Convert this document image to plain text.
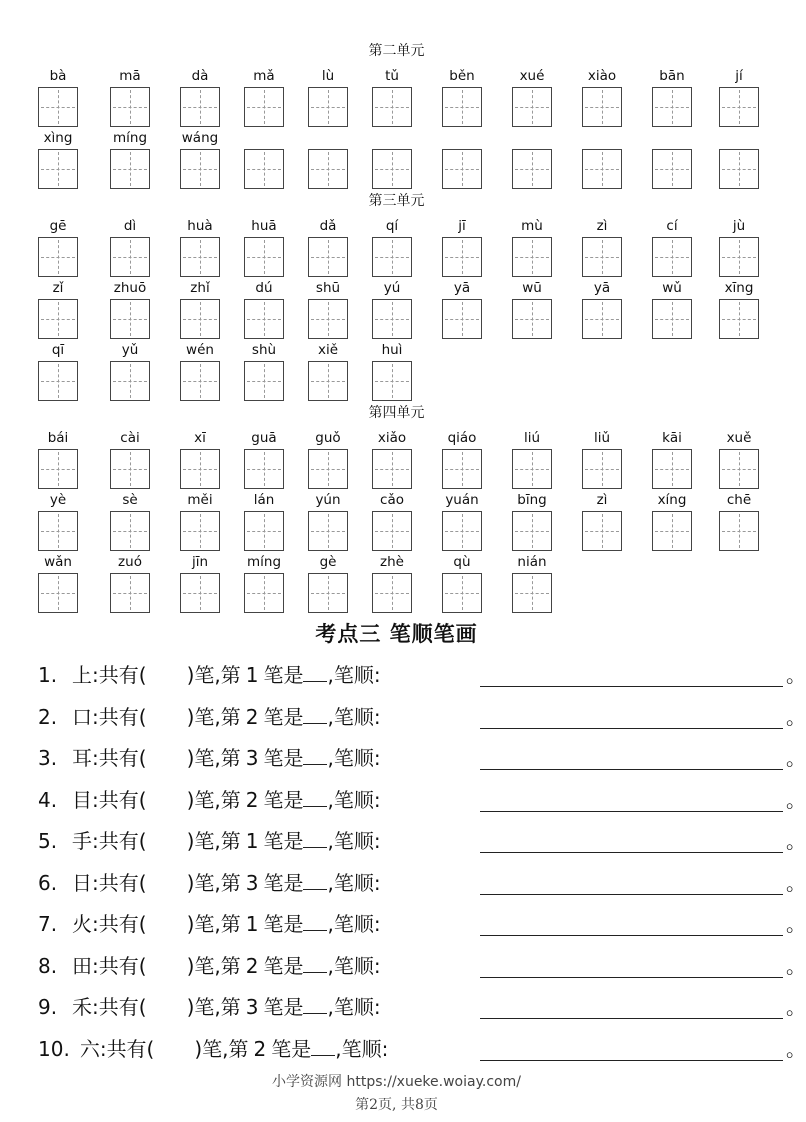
第二单元
bà	mā	dà	mǎ	lù	tǔ	běn	xué	xiào	bān	jí
xìng	míng	wáng
第三单元
gē	dì	huà	huā	dǎ	qí	jī	mù	zì	cí	jù
zǐ	zhuō	zhǐ	dú	shū	yú	yā	wū	yā	wǔ	xīng
qī	yǔ	wén	shù	xiě	huì
第四单元
bái	cài	xī	guā	guǒ	xiǎo	qiáo	liú	liǔ	kāi	xuě
yè	sè	měi	lán	yún	cǎo	yuán	bīng	zì	xíng	chē
wǎn	zuó	jīn	míng	gè	zhè	qù	nián
考点三 笔顺笔画
1. 上:共有( )笔,第 1 笔是 ,笔顺:	。
2. 口:共有( )笔,第 2 笔是 ,笔顺:	。
3. 耳:共有( )笔,第 3 笔是 ,笔顺:	。
4. 目:共有( )笔,第 2 笔是 ,笔顺:	。
5. 手:共有( )笔,第 1 笔是 ,笔顺:	。
6. 日:共有( )笔,第 3 笔是 ,笔顺:	。
7. 火:共有( )笔,第 1 笔是 ,笔顺:	。
8. 田:共有( )笔,第 2 笔是 ,笔顺:	。
9. 禾:共有( )笔,第 3 笔是 ,笔顺:	。
10. 六:共有( )笔,第 2 笔是 ,笔顺:	。
小学资源网 https://xueke.woiay.com/
第2页, 共8页
